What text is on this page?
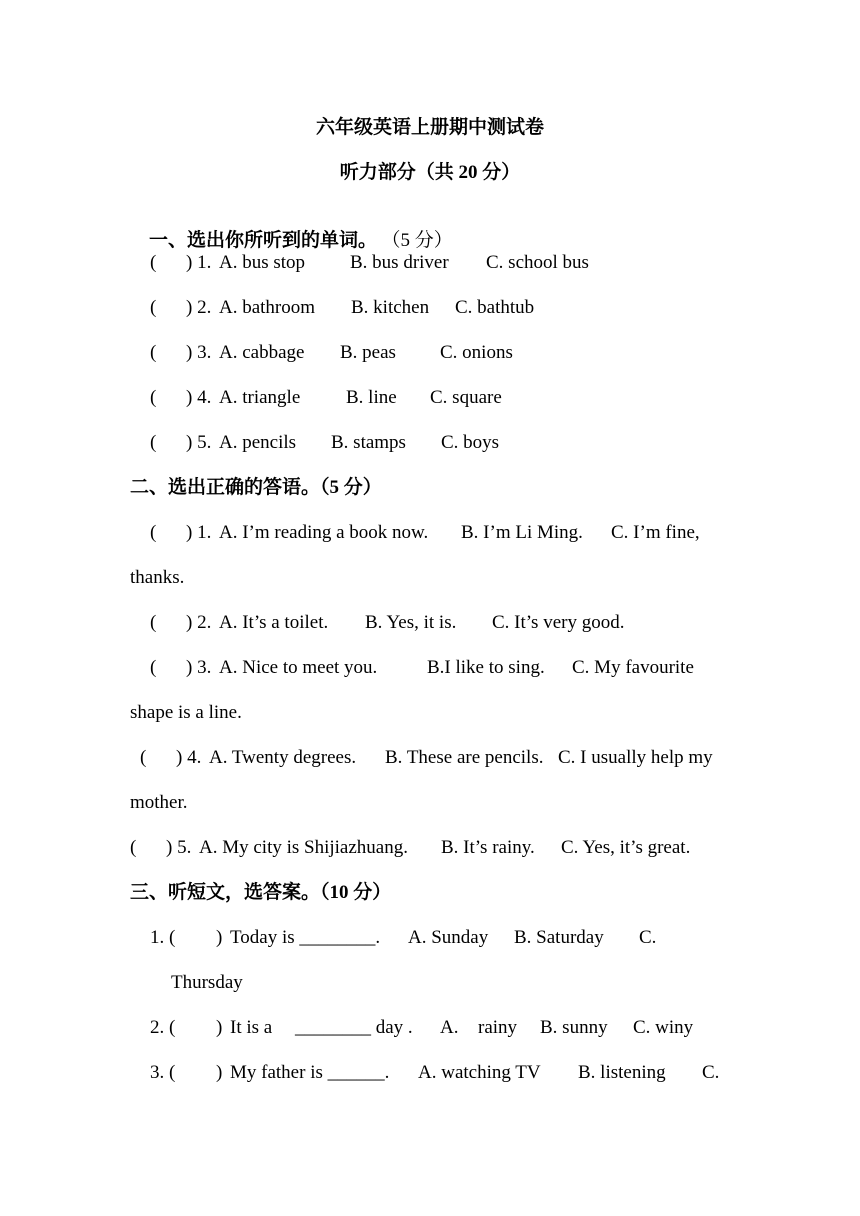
六年级英语上册期中测试卷
听力部分（共 20 分）

一、选出你所听到的单词。 （5 分）

( ) 1. A. bus stop B. bus driver C. school bus
( ) 2. A. bathroom B. kitchen C. bathtub
( ) 3. A. cabbage B. peas C. onions
( ) 4. A. triangle B. line C. square
( ) 5. A. pencils B. stamps C. boys
二、选出正确的答语。（5 分）
( ) 1. A. I’m reading a book now. B. I’m Li Ming. C. I’m fine,
thanks.
( ) 2. A. It’s a toilet. B. Yes, it is. C. It’s very good.
( ) 3. A. Nice to meet you.	B.I like to sing. C. My favourite
shape is a line.
( ) 4. A. Twenty degrees. B. These are pencils. C. I usually help my
mother.
( ) 5. A. My city is Shijiazhuang. B. It’s rainy. C. Yes, it’s great.
三、听短文，选答案。（10 分）
1. ( ) Today is ________. A. Sunday B. Saturday C.
Thursday
2. ( ) It is a ________ day . A. rainy B. sunny C. winy
3. ( ) My father is ______. A. watching TV B. listening C.
